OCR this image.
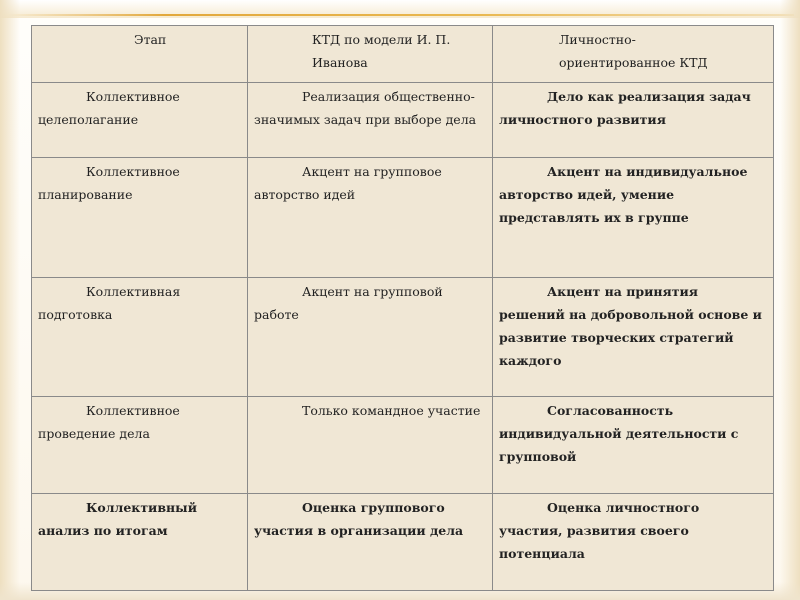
Этап	КТД по модели И. П. Иванова	Личностно-ориентированное КТД

Коллективное целеполагание	Реализация общественно-значимых задач при выборе дела	Дело как реализация задач личностного развития

Коллективное планирование	Акцент на групповое авторство идей	Акцент на индивидуальное авторство идей, умение представлять их в группе

Коллективная подготовка	Акцент на групповой работе	Акцент на принятия решений на добровольной основе и развитие творческих стратегий каждого

Коллективное проведение дела	Только командное участие	Согласованность индивидуальной деятельности с групповой

Коллективный анализ по итогам	Оценка группового участия в организации дела	Оценка личностного участия, развития своего потенциала
